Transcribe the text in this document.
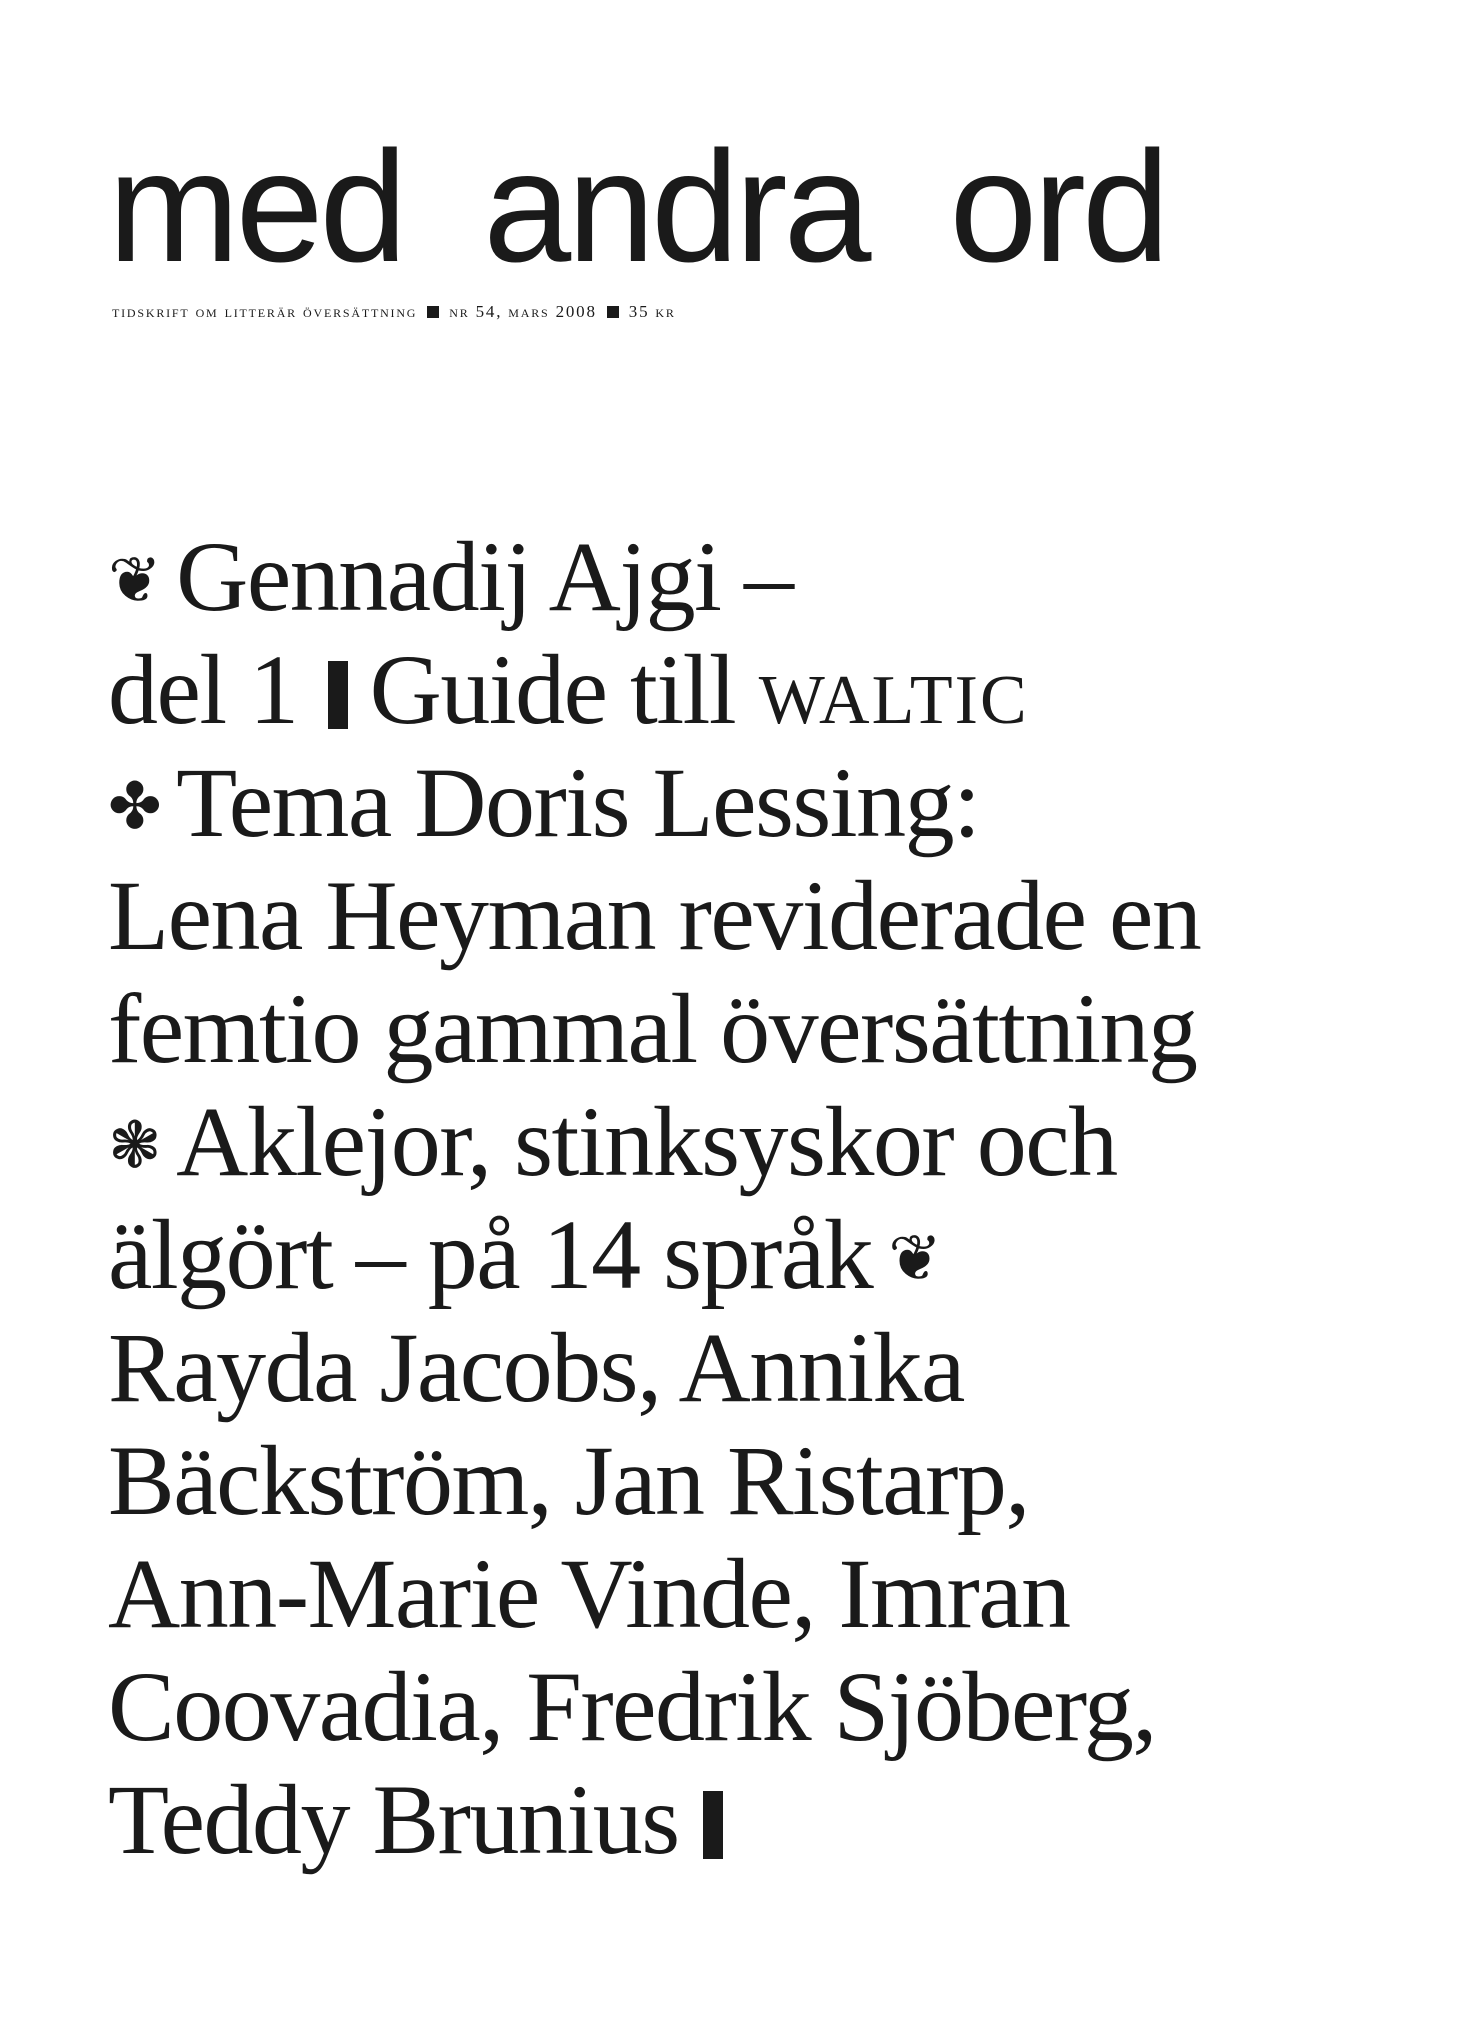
med andra ord
tidskrift om litterär översättning nr 54, mars 2008 35 kr
❦ Gennadij Ajgi –
del 1 Guide till waltic
✤ Tema Doris Lessing:
Lena Heyman reviderade en
femtio gammal översättning
❃ Aklejor, stinksyskor och
älgört – på 14 språk ❦
Rayda Jacobs, Annika
Bäckström, Jan Ristarp,
Ann-Marie Vinde, Imran
Coovadia, Fredrik Sjöberg,
Teddy Brunius
